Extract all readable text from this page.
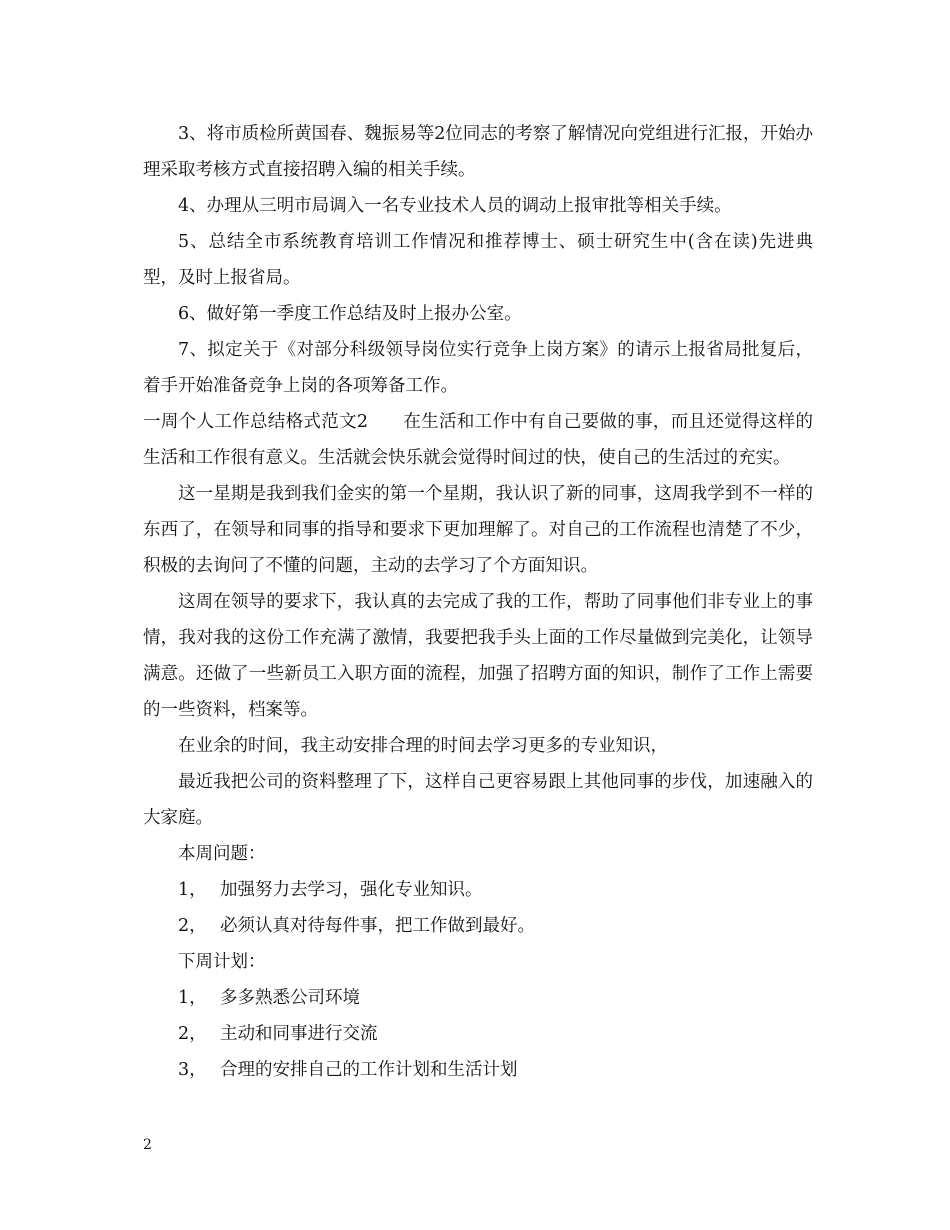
3、将市质检所黄国春、魏振易等2位同志的考察了解情况向党组进行汇报，开始办理采取考核方式直接招聘入编的相关手续。

4、办理从三明市局调入一名专业技术人员的调动上报审批等相关手续。

5、总结全市系统教育培训工作情况和推荐博士、硕士研究生中(含在读)先进典型，及时上报省局。

6、做好第一季度工作总结及时上报办公室。

7、拟定关于《对部分科级领导岗位实行竞争上岗方案》的请示上报省局批复后，着手开始准备竞争上岗的各项筹备工作。

一周个人工作总结格式范文2 在生活和工作中有自己要做的事，而且还觉得这样的生活和工作很有意义。生活就会快乐就会觉得时间过的快，使自己的生活过的充实。

这一星期是我到我们金实的第一个星期，我认识了新的同事，这周我学到不一样的东西了，在领导和同事的指导和要求下更加理解了。对自己的工作流程也清楚了不少，积极的去询问了不懂的问题，主动的去学习了个方面知识。

这周在领导的要求下，我认真的去完成了我的工作，帮助了同事他们非专业上的事情，我对我的这份工作充满了激情，我要把我手头上面的工作尽量做到完美化，让领导满意。还做了一些新员工入职方面的流程，加强了招聘方面的知识，制作了工作上需要的一些资料，档案等。

在业余的时间，我主动安排合理的时间去学习更多的专业知识，

最近我把公司的资料整理了下，这样自己更容易跟上其他同事的步伐，加速融入的大家庭。

本周问题：

1， 加强努力去学习，强化专业知识。

2， 必须认真对待每件事，把工作做到最好。

下周计划：

1， 多多熟悉公司环境

2， 主动和同事进行交流

3， 合理的安排自己的工作计划和生活计划

2
